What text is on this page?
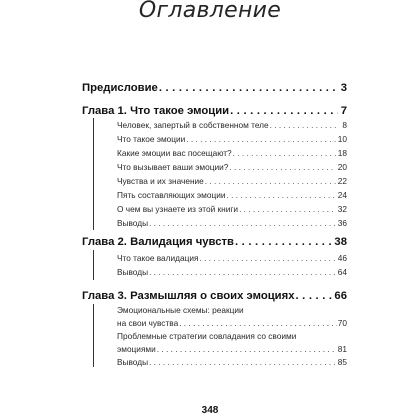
Оглавление
Предисловие . . .	3
Глава 1. Что такое эмоции . . .	7
Человек, запертый в собственном теле . . .	8
Что такое эмоции . . .	10
Какие эмоции вас посещают? . . .	18
Что вызывает ваши эмоции? . . .	20
Чувства и их значение . . .	22
Пять составляющих эмоции . . .	24
О чем вы узнаете из этой книги . . .	32
Выводы . . .	36
Глава 2. Валидация чувств . . .	38
Что такое валидация . . .	46
Выводы . . .	64
Глава 3. Размышляя о своих эмоциях . . .	66
Эмоциональные схемы: реакции
на свои чувства . . .	70
Проблемные стратегии совладания со своими
эмоциями . . .	81
Выводы . . .	85
348
